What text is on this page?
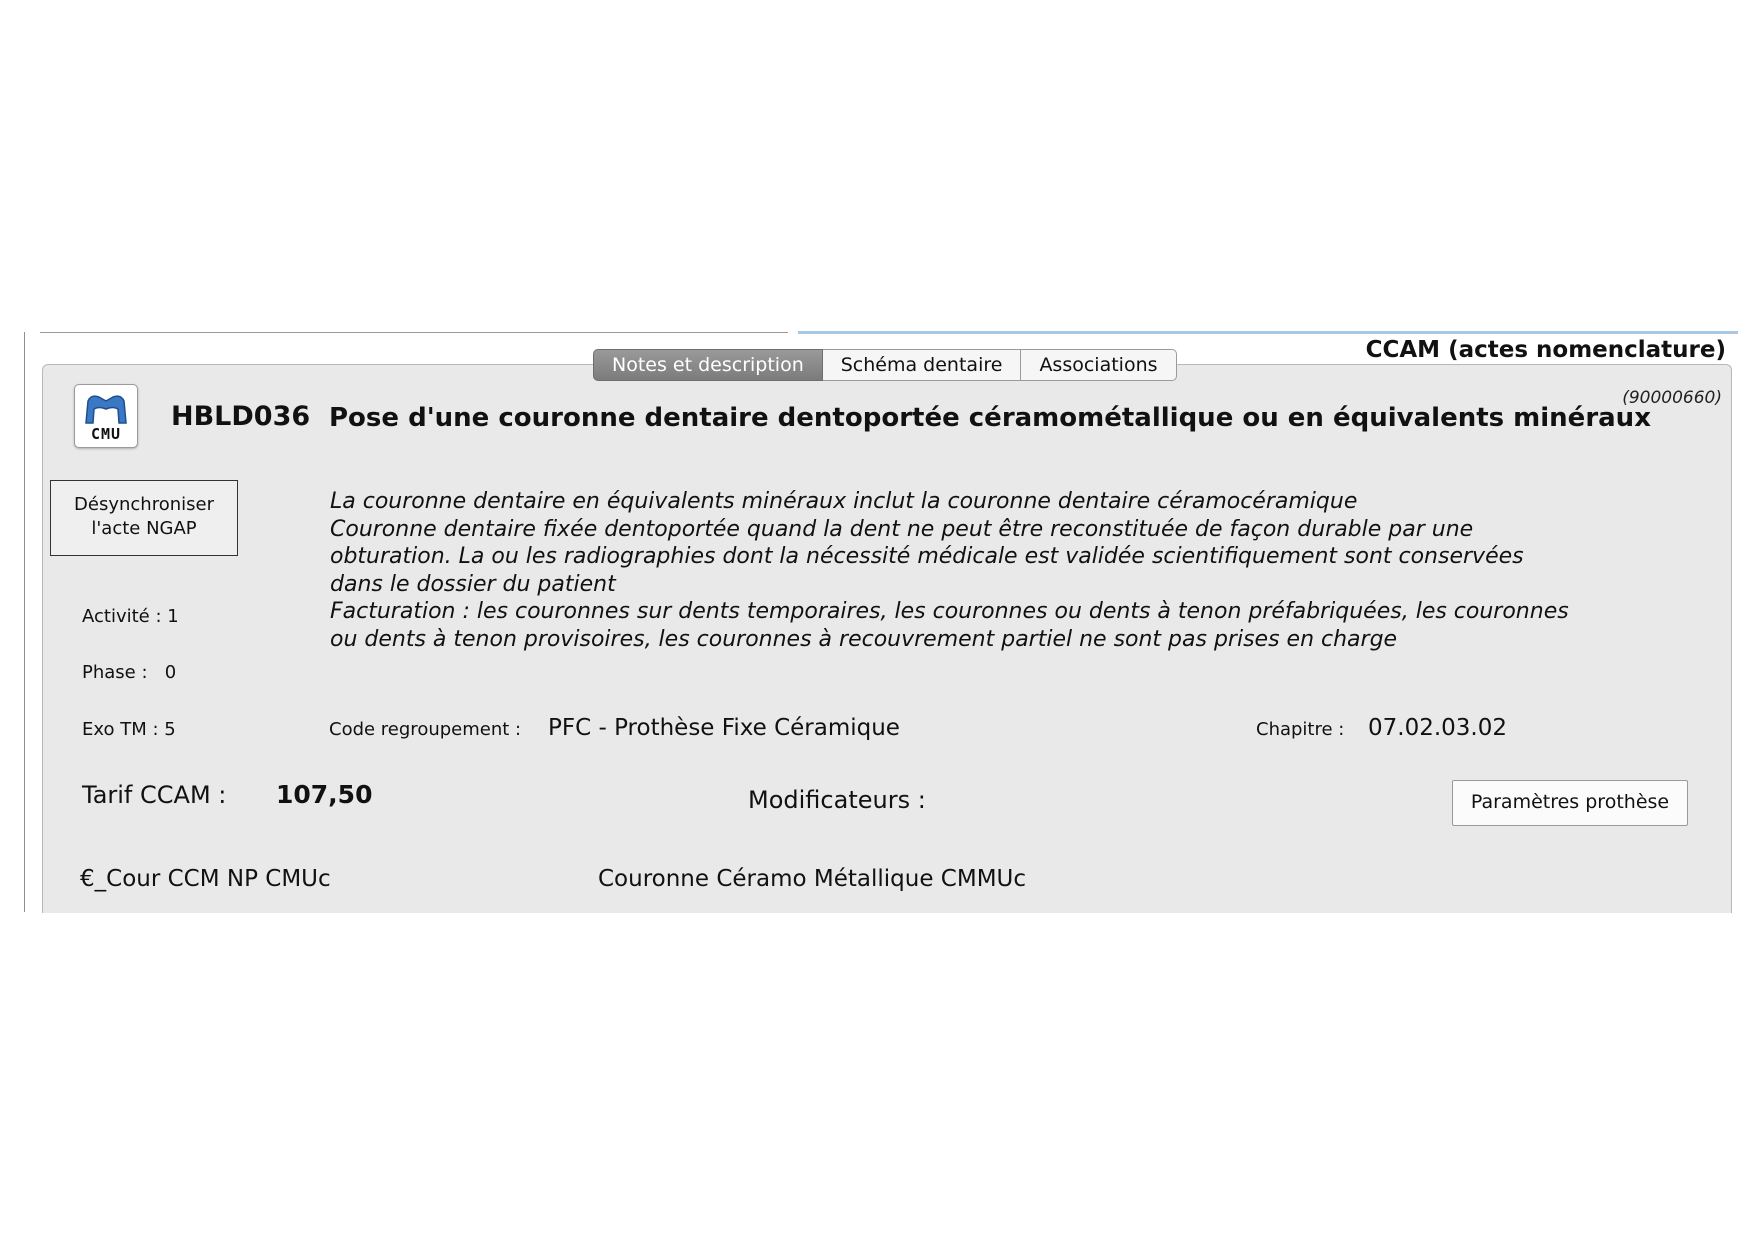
CCAM (actes nomenclature)
Notes et description	Schéma dentaire	Associations
(90000660)
CMU
HBLD036 Pose d'une couronne dentaire dentoportée céramométallique ou en équivalents minéraux
Désynchroniser
l'acte NGAP

La couronne dentaire en équivalents minéraux inclut la couronne dentaire céramocéramique

Couronne dentaire fixée dentoportée quand la dent ne peut être reconstituée de façon durable par une obturation. La ou les radiographies dont la nécessité médicale est validée scientifiquement sont conservées dans le dossier du patient

Facturation : les couronnes sur dents temporaires, les couronnes ou dents à tenon préfabriquées, les couronnes ou dents à tenon provisoires, les couronnes à recouvrement partiel ne sont pas prises en charge

Activité : 1
Phase :   0
Exo TM : 5	Code regroupement : PFC - Prothèse Fixe Céramique	Chapitre : 07.02.03.02
Tarif CCAM : 107,50	Modificateurs :	Paramètres prothèse
€_Cour CCM NP CMUc	Couronne Céramo Métallique CMMUc
